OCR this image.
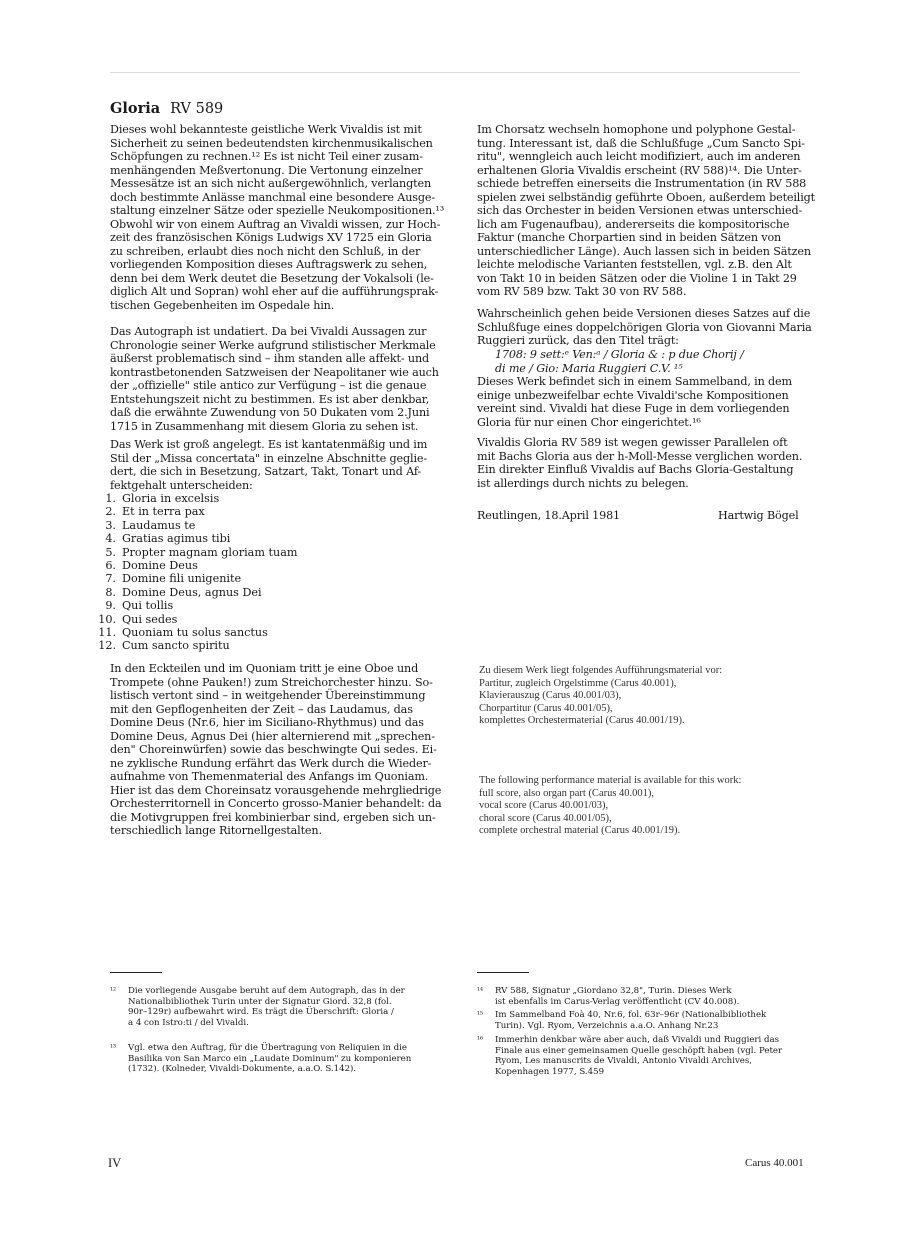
Gloria RV 589
Dieses wohl bekannteste geistliche Werk Vivaldis ist mit
Sicherheit zu seinen bedeutendsten kirchenmusikalischen
Schöpfungen zu rechnen.¹² Es ist nicht Teil einer zusam-
menhängenden Meßvertonung. Die Vertonung einzelner
Messesätze ist an sich nicht außergewöhnlich, verlangten
doch bestimmte Anlässe manchmal eine besondere Ausge-
staltung einzelner Sätze oder spezielle Neukompositionen.¹³
Obwohl wir von einem Auftrag an Vivaldi wissen, zur Hoch-
zeit des französischen Königs Ludwigs XV 1725 ein Gloria
zu schreiben, erlaubt dies noch nicht den Schluß, in der
vorliegenden Komposition dieses Auftragswerk zu sehen,
denn bei dem Werk deutet die Besetzung der Vokalsoli (le-
diglich Alt und Sopran) wohl eher auf die aufführungsprak-
tischen Gegebenheiten im Ospedale hin.
Das Autograph ist undatiert. Da bei Vivaldi Aussagen zur
Chronologie seiner Werke aufgrund stilistischer Merkmale
äußerst problematisch sind – ihm standen alle affekt- und
kontrastbetonenden Satzweisen der Neapolitaner wie auch
der „offizielle" stile antico zur Verfügung – ist die genaue
Entstehungszeit nicht zu bestimmen. Es ist aber denkbar,
daß die erwähnte Zuwendung von 50 Dukaten vom 2.Juni
1715 in Zusammenhang mit diesem Gloria zu sehen ist.
Das Werk ist groß angelegt. Es ist kantatenmäßig und im
Stil der „Missa concertata" in einzelne Abschnitte geglie-
dert, die sich in Besetzung, Satzart, Takt, Tonart und Af-
fektgehalt unterscheiden:
1. Gloria in excelsis
2. Et in terra pax
3. Laudamus te
4. Gratias agimus tibi
5. Propter magnam gloriam tuam
6. Domine Deus
7. Domine fili unigenite
8. Domine Deus, agnus Dei
9. Qui tollis
10. Qui sedes
11. Quoniam tu solus sanctus
12. Cum sancto spiritu
In den Eckteilen und im Quoniam tritt je eine Oboe und
Trompete (ohne Pauken!) zum Streichorchester hinzu. So-
listisch vertont sind – in weitgehender Übereinstimmung
mit den Gepflogenheiten der Zeit – das Laudamus, das
Domine Deus (Nr.6, hier im Siciliano-Rhythmus) und das
Domine Deus, Agnus Dei (hier alternierend mit „sprechen-
den" Choreinwürfen) sowie das beschwingte Qui sedes. Ei-
ne zyklische Rundung erfährt das Werk durch die Wieder-
aufnahme von Themenmaterial des Anfangs im Quoniam.
Hier ist das dem Choreinsatz vorausgehende mehrgliedrige
Orchesterritornell in Concerto grosso-Manier behandelt: da
die Motivgruppen frei kombinierbar sind, ergeben sich un-
terschiedlich lange Ritornellgestalten.
Im Chorsatz wechseln homophone und polyphone Gestal-
tung. Interessant ist, daß die Schlußfuge „Cum Sancto Spi-
ritu", wenngleich auch leicht modifiziert, auch im anderen
erhaltenen Gloria Vivaldis erscheint (RV 588)¹⁴. Die Unter-
schiede betreffen einerseits die Instrumentation (in RV 588
spielen zwei selbständig geführte Oboen, außerdem beteiligt
sich das Orchester in beiden Versionen etwas unterschied-
lich am Fugenaufbau), andererseits die kompositorische
Faktur (manche Chorpartien sind in beiden Sätzen von
unterschiedlicher Länge). Auch lassen sich in beiden Sätzen
leichte melodische Varianten feststellen, vgl. z.B. den Alt
von Takt 10 in beiden Sätzen oder die Violine 1 in Takt 29
vom RV 589 bzw. Takt 30 von RV 588.
Wahrscheinlich gehen beide Versionen dieses Satzes auf die
Schlußfuge eines doppelchörigen Gloria von Giovanni Maria
Ruggieri zurück, das den Titel trägt:
1708: 9 sett:ᵉ Ven:ᵃ / Gloria & : p due Chorij /
di me / Gio: Maria Ruggieri C.V. ¹⁵
Dieses Werk befindet sich in einem Sammelband, in dem
einige unbezweifelbar echte Vivaldi'sche Kompositionen
vereint sind. Vivaldi hat diese Fuge in dem vorliegenden
Gloria für nur einen Chor eingerichtet.¹⁶
Vivaldis Gloria RV 589 ist wegen gewisser Parallelen oft
mit Bachs Gloria aus der h-Moll-Messe verglichen worden.
Ein direkter Einfluß Vivaldis auf Bachs Gloria-Gestaltung
ist allerdings durch nichts zu belegen.
Reutlingen, 18.April 1981	Hartwig Bögel
Zu diesem Werk liegt folgendes Aufführungsmaterial vor:
Partitur, zugleich Orgelstimme (Carus 40.001),
Klavierauszug (Carus 40.001/03),
Chorpartitur (Carus 40.001/05),
komplettes Orchestermaterial (Carus 40.001/19).
The following performance material is available for this work:
full score, also organ part (Carus 40.001),
vocal score (Carus 40.001/03),
choral score (Carus 40.001/05),
complete orchestral material (Carus 40.001/19).
¹² Die vorliegende Ausgabe beruht auf dem Autograph, das in der
Nationalbibliothek Turin unter der Signatur Giord. 32,8 (fol.
90r–129r) aufbewahrt wird. Es trägt die Überschrift: Gloria /
a 4 con Istro:ti / del Vivaldi.
¹³ Vgl. etwa den Auftrag, für die Übertragung von Reliquien in die
Basilika von San Marco ein „Laudate Dominum" zu komponieren
(1732). (Kolneder, Vivaldi-Dokumente, a.a.O. S.142).
¹⁴ RV 588, Signatur „Giordano 32,8", Turin. Dieses Werk
ist ebenfalls im Carus-Verlag veröffentlicht (CV 40.008).
¹⁵ Im Sammelband Foà 40, Nr.6, fol. 63r–96r (Nationalbibliothek
Turin). Vgl. Ryom, Verzeichnis a.a.O. Anhang Nr.23
¹⁶ Immerhin denkbar wäre aber auch, daß Vivaldi und Ruggieri das
Finale aus einer gemeinsamen Quelle geschöpft haben (vgl. Peter
Ryom, Les manuscrits de Vivaldi, Antonio Vivaldi Archives,
Kopenhagen 1977, S.459
IV	Carus 40.001
